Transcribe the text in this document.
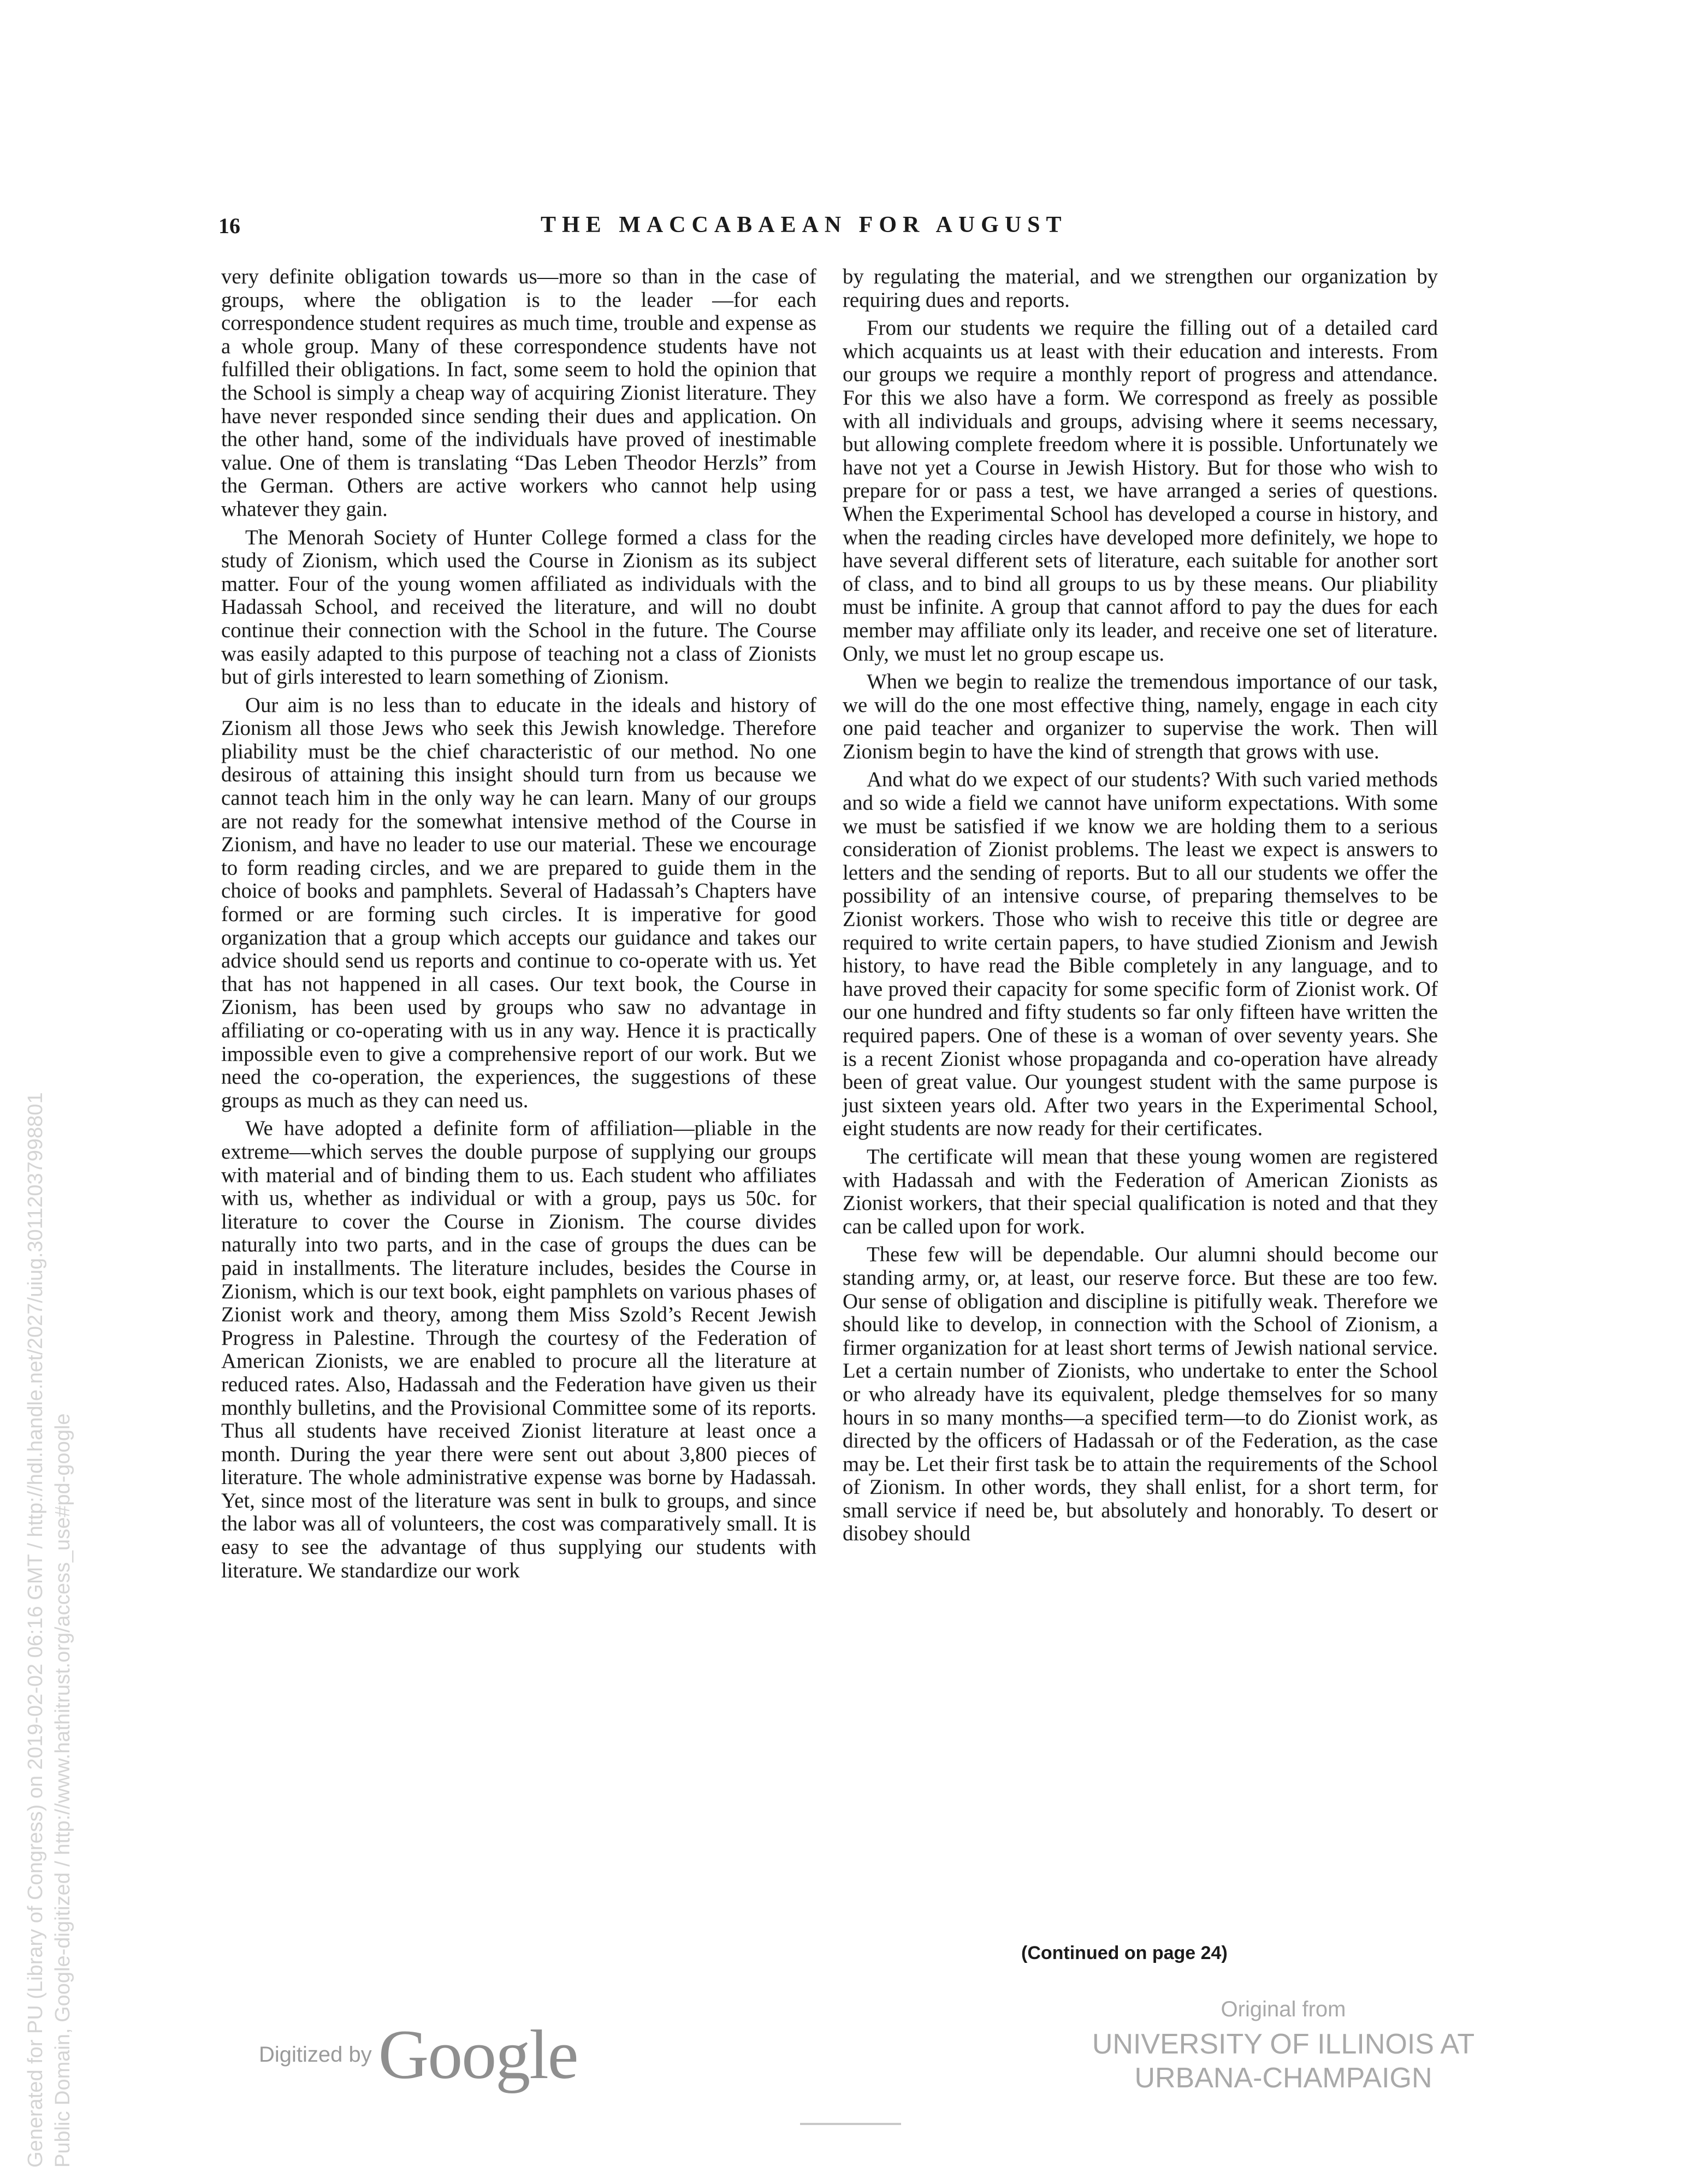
16	THE MACCABAEAN FOR AUGUST

very definite obligation towards us—more so than in the case of groups, where the obligation is to the leader —for each correspondence student requires as much time, trouble and expense as a whole group. Many of these correspondence students have not fulfilled their obligations. In fact, some seem to hold the opinion that the School is simply a cheap way of acquiring Zionist literature. They have never responded since sending their dues and application. On the other hand, some of the individuals have proved of inestimable value. One of them is translating “Das Leben Theodor Herzls” from the German. Others are active workers who cannot help using whatever they gain.

The Menorah Society of Hunter College formed a class for the study of Zionism, which used the Course in Zionism as its subject matter. Four of the young women affiliated as individuals with the Hadassah School, and received the literature, and will no doubt continue their connection with the School in the future. The Course was easily adapted to this purpose of teaching not a class of Zionists but of girls interested to learn something of Zionism.

Our aim is no less than to educate in the ideals and history of Zionism all those Jews who seek this Jewish knowledge. Therefore pliability must be the chief characteristic of our method. No one desirous of attaining this insight should turn from us because we cannot teach him in the only way he can learn. Many of our groups are not ready for the somewhat intensive method of the Course in Zionism, and have no leader to use our material. These we encourage to form reading circles, and we are prepared to guide them in the choice of books and pamphlets. Several of Hadassah’s Chapters have formed or are forming such circles. It is imperative for good organization that a group which accepts our guidance and takes our advice should send us reports and continue to co-operate with us. Yet that has not happened in all cases. Our text book, the Course in Zionism, has been used by groups who saw no advantage in affiliating or co-operating with us in any way. Hence it is practically impossible even to give a comprehensive report of our work. But we need the co-operation, the experiences, the suggestions of these groups as much as they can need us.

We have adopted a definite form of affiliation—pliable in the extreme—which serves the double purpose of supplying our groups with material and of binding them to us. Each student who affiliates with us, whether as individual or with a group, pays us 50c. for literature to cover the Course in Zionism. The course divides naturally into two parts, and in the case of groups the dues can be paid in installments. The literature includes, besides the Course in Zionism, which is our text book, eight pamphlets on various phases of Zionist work and theory, among them Miss Szold’s Recent Jewish Progress in Palestine. Through the courtesy of the Federation of American Zionists, we are enabled to procure all the literature at reduced rates. Also, Hadassah and the Federation have given us their monthly bulletins, and the Provisional Committee some of its reports. Thus all students have received Zionist literature at least once a month. During the year there were sent out about 3,800 pieces of literature. The whole administrative expense was borne by Hadassah. Yet, since most of the literature was sent in bulk to groups, and since the labor was all of volunteers, the cost was comparatively small. It is easy to see the advantage of thus supplying our students with literature. We standardize our work

by regulating the material, and we strengthen our organization by requiring dues and reports.

From our students we require the filling out of a detailed card which acquaints us at least with their education and interests. From our groups we require a monthly report of progress and attendance. For this we also have a form. We correspond as freely as possible with all individuals and groups, advising where it seems necessary, but allowing complete freedom where it is possible. Unfortunately we have not yet a Course in Jewish History. But for those who wish to prepare for or pass a test, we have arranged a series of questions. When the Experimental School has developed a course in history, and when the reading circles have developed more definitely, we hope to have several different sets of literature, each suitable for another sort of class, and to bind all groups to us by these means. Our pliability must be infinite. A group that cannot afford to pay the dues for each member may affiliate only its leader, and receive one set of literature. Only, we must let no group escape us.

When we begin to realize the tremendous importance of our task, we will do the one most effective thing, namely, engage in each city one paid teacher and organizer to supervise the work. Then will Zionism begin to have the kind of strength that grows with use.

And what do we expect of our students? With such varied methods and so wide a field we cannot have uniform expectations. With some we must be satisfied if we know we are holding them to a serious consideration of Zionist problems. The least we expect is answers to letters and the sending of reports. But to all our students we offer the possibility of an intensive course, of preparing themselves to be Zionist workers. Those who wish to receive this title or degree are required to write certain papers, to have studied Zionism and Jewish history, to have read the Bible completely in any language, and to have proved their capacity for some specific form of Zionist work. Of our one hundred and fifty students so far only fifteen have written the required papers. One of these is a woman of over seventy years. She is a recent Zionist whose propaganda and co-operation have already been of great value. Our youngest student with the same purpose is just sixteen years old. After two years in the Experimental School, eight students are now ready for their certificates.

The certificate will mean that these young women are registered with Hadassah and with the Federation of American Zionists as Zionist workers, that their special qualification is noted and that they can be called upon for work.

These few will be dependable. Our alumni should become our standing army, or, at least, our reserve force. But these are too few. Our sense of obligation and discipline is pitifully weak. Therefore we should like to develop, in connection with the School of Zionism, a firmer organization for at least short terms of Jewish national service. Let a certain number of Zionists, who undertake to enter the School or who already have its equivalent, pledge themselves for so many hours in so many months—a specified term—to do Zionist work, as directed by the officers of Hadassah or of the Federation, as the case may be. Let their first task be to attain the requirements of the School of Zionism. In other words, they shall enlist, for a short term, for small service if need be, but absolutely and honorably. To desert or disobey should

(Continued on page 24)
Digitized by Google
Original from
UNIVERSITY OF ILLINOIS AT
URBANA-CHAMPAIGN
Generated for PU (Library of Congress) on 2019-02-02 06:16 GMT / http://hdl.handle.net/2027/uiug.30112037998801 Public Domain, Google-digitized / http://www.hathitrust.org/access_use#pd-google
